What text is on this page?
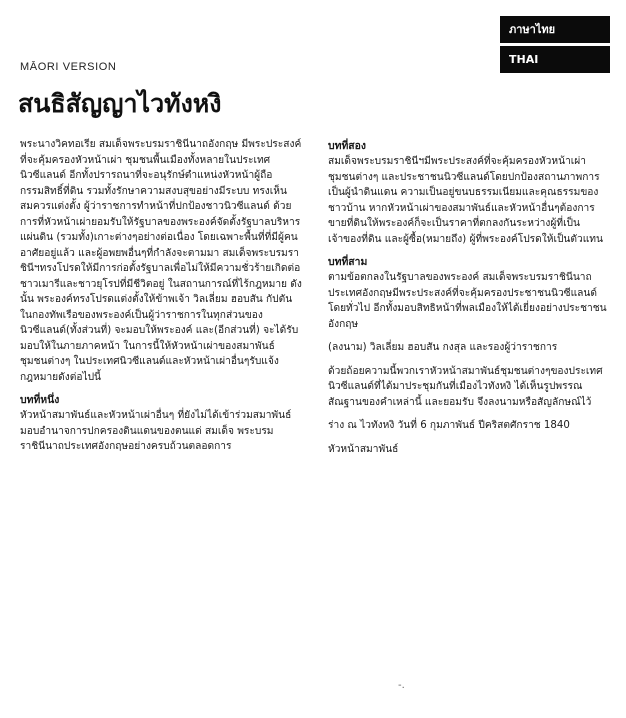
ภาษาไทย
THAI
MĀORI VERSION
สนธิสัญญาไวทังหงิ

พระนางวิคทอเรีย สมเด็จพระบรมราชินีนาถอังกฤษ มีพระประสงค์ ที่จะคุ้มครองหัวหน้าเผ่า ชุมชนพื้นเมืองทั้งหลายในประเทศนิวซีแลนด์ อีกทั้งปรารถนาที่จะอนุรักษ์ตำแหน่งหัวหน้าผู้ถือกรรมสิทธิ์ที่ดิน รวมทั้งรักษาความสงบสุขอย่างมีระบบ ทรงเห็นสมควรแต่งตั้ง ผู้ว่าราชการทำหน้าที่ปกป้องชาวนิวซีแลนด์ ด้วยการที่หัวหน้าเผ่ายอมรับให้รัฐบาลของพระองค์จัดตั้งรัฐบาลบริหารแผ่นดิน (รวมทั้ง)เกาะต่างๆอย่างต่อเนื่อง โดยเฉพาะพื้นที่ที่มีผู้คนอาศัยอยู่แล้ว และผู้อพยพอื่นๆที่กำลังจะตามมา สมเด็จพระบรมราชินีฯทรงโปรดให้มีการก่อตั้งรัฐบาลเพื่อไม่ให้มีความชั่วร้ายเกิดต่อชาวเมารีและชาวยุโรปที่มีชีวิตอยู่ ในสถานการณ์ที่ไร้กฎหมาย ดังนั้น พระองค์ทรงโปรดแต่งตั้งให้ข้าพเจ้า วิลเลี่ยม ฮอบสัน กัปตันในกองทัพเรือของพระองค์เป็นผู้ว่าราชการในทุกส่วนของนิวซีแลนด์(ทั้งส่วนที่) จะมอบให้พระองค์ และ(อีกส่วนที่) จะได้รับมอบให้ในภายภาคหน้า ในการนี้ให้หัวหน้าเผ่าของสมาพันธ์ชุมชนต่างๆ ในประเทศนิวซีแลนด์และหัวหน้าเผ่าอื่นๆรับแจ้งกฎหมายดังต่อไปนี้

บทที่หนึ่ง

หัวหน้าสมาพันธ์และหัวหน้าเผ่าอื่นๆ ที่ยังไม่ได้เข้าร่วมสมาพันธ์ มอบอำนาจการปกครองดินแดนของตนแด่ สมเด็จ พระบรมราชินีนาถประเทศอังกฤษอย่างครบถ้วนตลอดการ

บทที่สอง

สมเด็จพระบรมราชินีฯมีพระประสงค์ที่จะคุ้มครองหัวหน้าเผ่า ชุมชนต่างๆ และประชาชนนิวซีแลนด์โดยปกป้องสถานภาพการเป็นผู้นำดินแดน ความเป็นอยู่ขนบธรรมเนียมและคุณธรรมของชาวบ้าน หากหัวหน้าเผ่าของสมาพันธ์และหัวหน้าอื่นๆต้องการขายที่ดินให้พระองค์ก็จะเป็นราคาที่ตกลงกันระหว่างผู้ที่เป็นเจ้าของที่ดิน และผู้ซื้อ(หมายถึง) ผู้ที่พระองค์โปรดให้เป็นตัวแทน

บทที่สาม

ตามข้อตกลงในรัฐบาลของพระองค์ สมเด็จพระบรมราชินีนาถประเทศอังกฤษมีพระประสงค์ที่จะคุ้มครองประชาชนนิวซีแลนด์โดยทั่วไป อีกทั้งมอบสิทธิหน้าที่พลเมืองให้ได้เยี่ยงอย่างประชาชนอังกฤษ

(ลงนาม) วิลเลี่ยม ฮอบสัน กงสุล และรองผู้ว่าราชการ

ด้วยถ้อยความนี้พวกเราหัวหน้าสมาพันธ์ชุมชนต่างๆของประเทศนิวซีแลนด์ที่ได้มาประชุมกันที่เมืองไวทังหงิ ได้เห็นรูปพรรณสัณฐานของคำเหล่านี้ และยอมรับ จึงลงนามหรือสัญลักษณ์ไว้

ร่าง ณ ไวทังหงิ วันที่ 6 กุมภาพันธ์ ปีคริสตศักราช 1840

หัวหน้าสมาพันธ์

-.
